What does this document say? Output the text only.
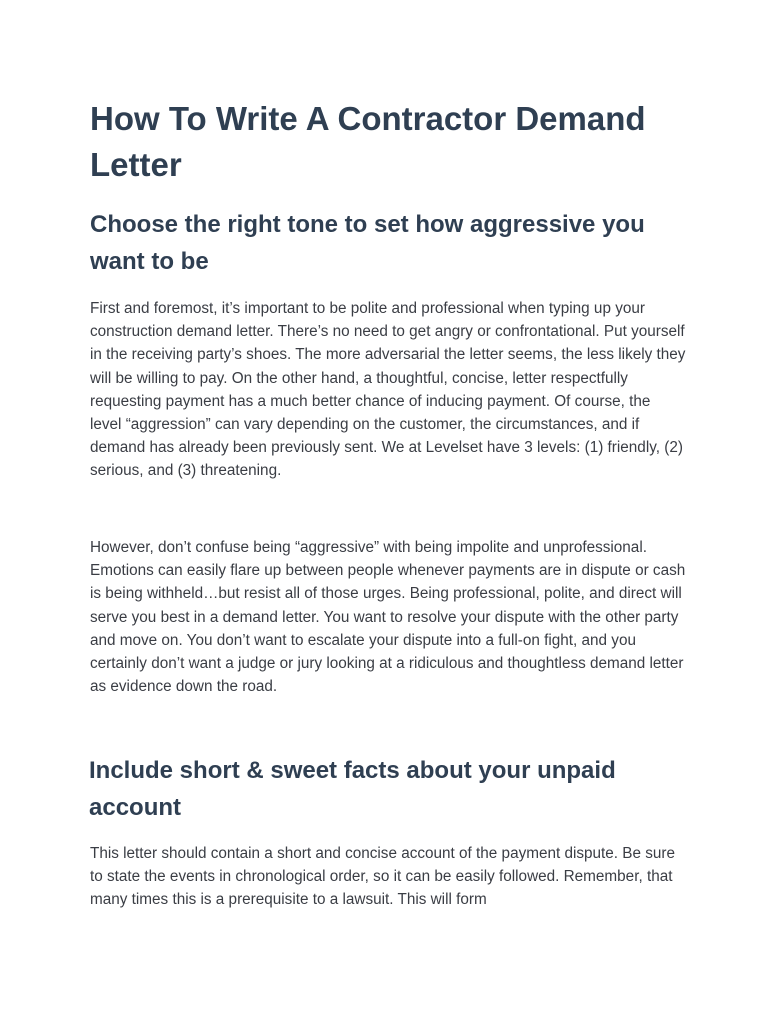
How To Write A Contractor Demand Letter
Choose the right tone to set how aggressive you want to be

First and foremost, it’s important to be polite and professional when typing up your construction demand letter. There’s no need to get angry or confrontational. Put yourself in the receiving party’s shoes. The more adversarial the letter seems, the less likely they will be willing to pay. On the other hand, a thoughtful, concise, letter respectfully requesting payment has a much better chance of inducing payment. Of course, the level “aggression” can vary depending on the customer, the circumstances, and if demand has already been previously sent. We at Levelset have 3 levels: (1) friendly, (2) serious, and (3) threatening.

However, don’t confuse being “aggressive” with being impolite and unprofessional. Emotions can easily flare up between people whenever payments are in dispute or cash is being withheld…but resist all of those urges. Being professional, polite, and direct will serve you best in a demand letter. You want to resolve your dispute with the other party and move on. You don’t want to escalate your dispute into a full-on fight, and you certainly don’t want a judge or jury looking at a ridiculous and thoughtless demand letter as evidence down the road.

Include short & sweet facts about your unpaid account

This letter should contain a short and concise account of the payment dispute. Be sure to state the events in chronological order, so it can be easily followed. Remember, that many times this is a prerequisite to a lawsuit. This will form
